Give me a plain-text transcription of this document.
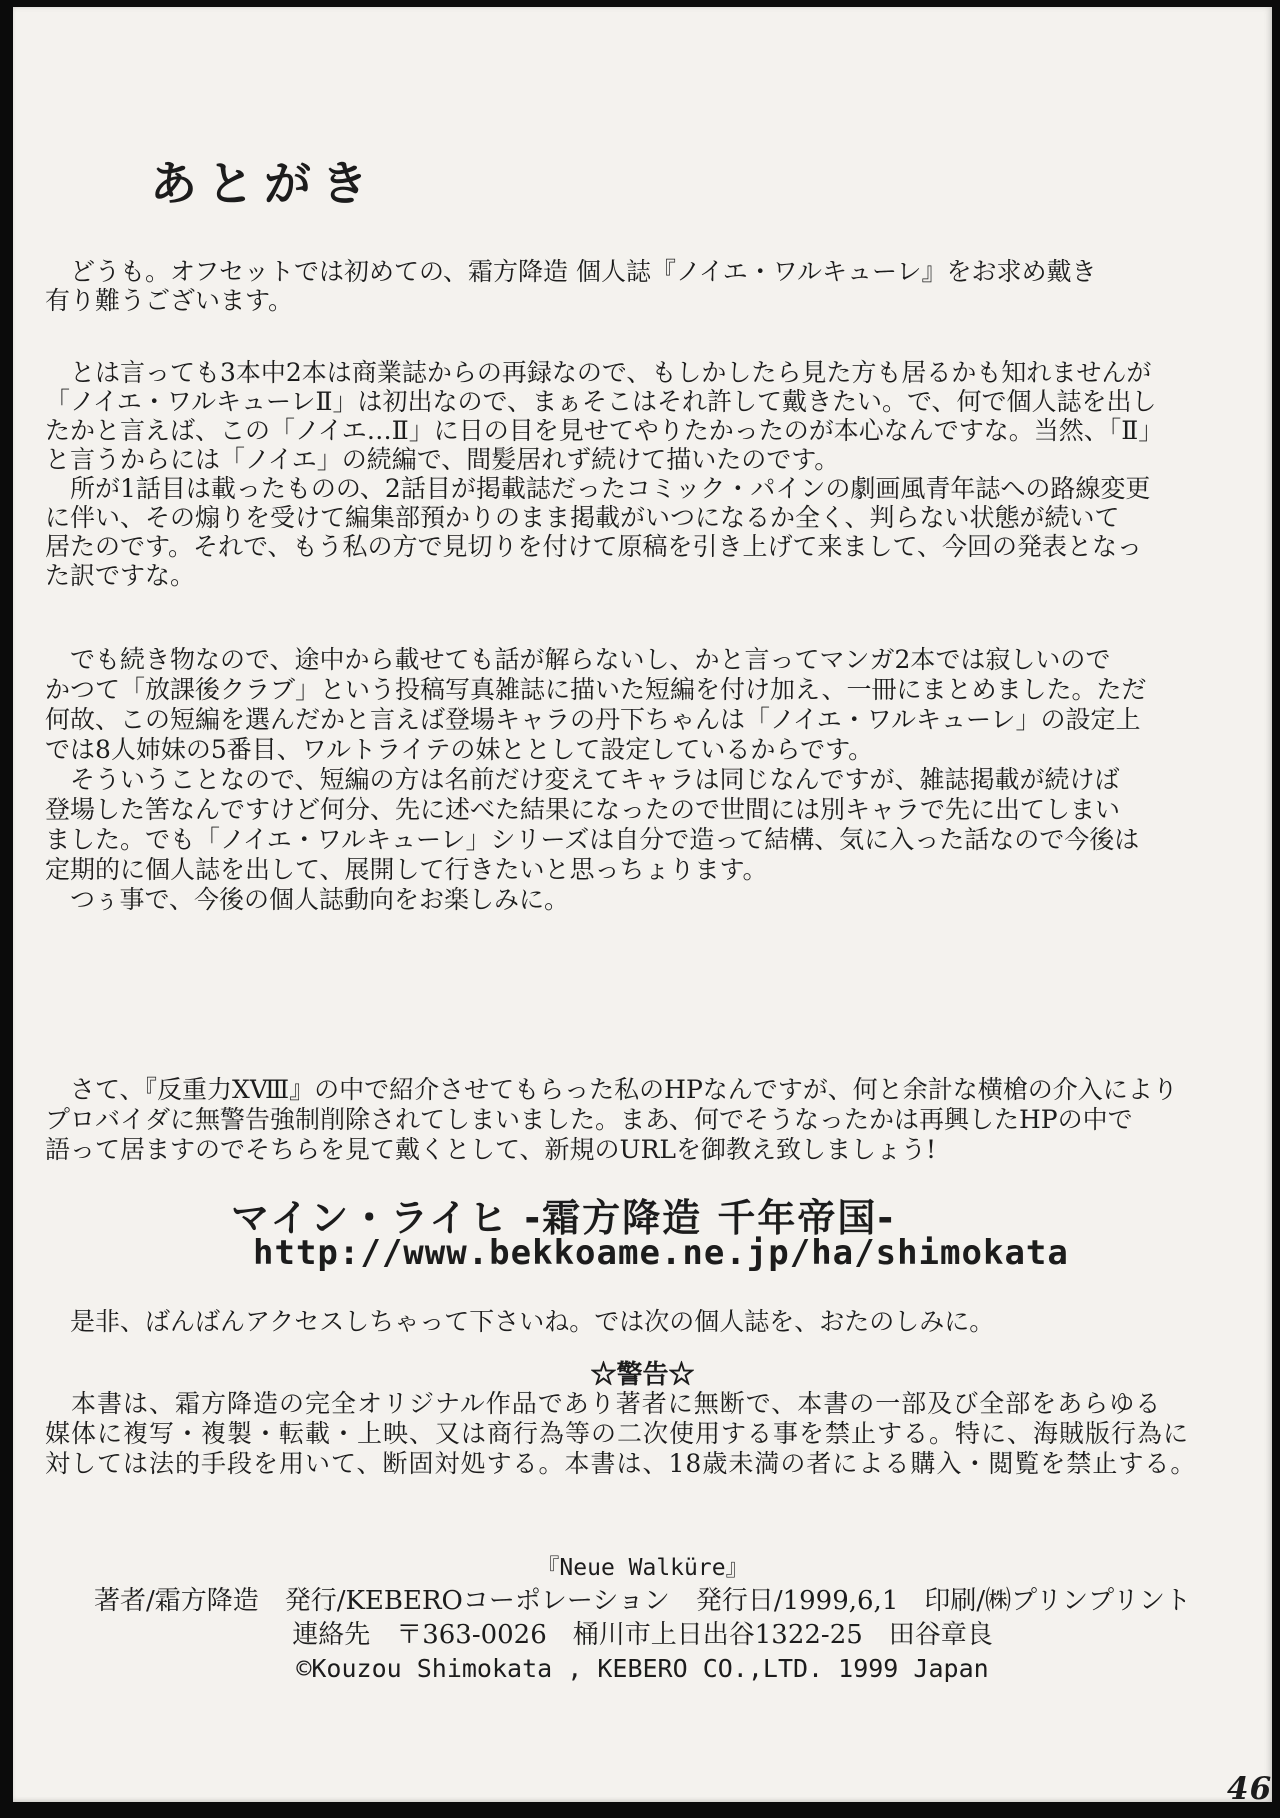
あとがき
　どうも。オフセットでは初めての、霜方降造 個人誌『ノイエ・ワルキューレ』をお求め戴き
有り難うございます。
　とは言っても3本中2本は商業誌からの再録なので、もしかしたら見た方も居るかも知れませんが
「ノイエ・ワルキューレⅡ」は初出なので、まぁそこはそれ許して戴きたい。で、何で個人誌を出し
たかと言えば、この「ノイエ…Ⅱ」に日の目を見せてやりたかったのが本心なんですな。当然、「Ⅱ」
と言うからには「ノイエ」の続編で、間髪居れず続けて描いたのです。
　所が1話目は載ったものの、2話目が掲載誌だったコミック・パインの劇画風青年誌への路線変更
に伴い、その煽りを受けて編集部預かりのまま掲載がいつになるか全く、判らない状態が続いて
居たのです。それで、もう私の方で見切りを付けて原稿を引き上げて来まして、今回の発表となっ
た訳ですな。
　でも続き物なので、途中から載せても話が解らないし、かと言ってマンガ2本では寂しいので
かつて「放課後クラブ」という投稿写真雑誌に描いた短編を付け加え、一冊にまとめました。ただ
何故、この短編を選んだかと言えば登場キャラの丹下ちゃんは「ノイエ・ワルキューレ」の設定上
では8人姉妹の5番目、ワルトライテの妹ととして設定しているからです。
　そういうことなので、短編の方は名前だけ変えてキャラは同じなんですが、雑誌掲載が続けば
登場した筈なんですけど何分、先に述べた結果になったので世間には別キャラで先に出てしまい
ました。でも「ノイエ・ワルキューレ」シリーズは自分で造って結構、気に入った話なので今後は
定期的に個人誌を出して、展開して行きたいと思っちょります。
　つぅ事で、今後の個人誌動向をお楽しみに。
　さて、『反重力ⅩⅧ』の中で紹介させてもらった私のHPなんですが、何と余計な横槍の介入により
プロバイダに無警告強制削除されてしまいました。まあ、何でそうなったかは再興したHPの中で
語って居ますのでそちらを見て戴くとして、新規のURLを御教え致しましょう!
マイン・ライヒ -霜方降造 千年帝国-
http://www.bekkoame.ne.jp/ha/shimokata
　是非、ばんばんアクセスしちゃって下さいね。では次の個人誌を、おたのしみに。
☆警告☆
　本書は、霜方降造の完全オリジナル作品であり著者に無断で、本書の一部及び全部をあらゆる
媒体に複写・複製・転載・上映、又は商行為等の二次使用する事を禁止する。特に、海賊版行為に
対しては法的手段を用いて、断固対処する。本書は、18歳未満の者による購入・閲覧を禁止する。
『Neue Walküre』
著者/霜方降造　発行/KEBEROコーポレーション　発行日/1999,6,1　印刷/㈱プリンプリント
連絡先　〒363-0026　桶川市上日出谷1322-25　田谷章良
©Kouzou Shimokata , KEBERO CO.,LTD. 1999 Japan
46
